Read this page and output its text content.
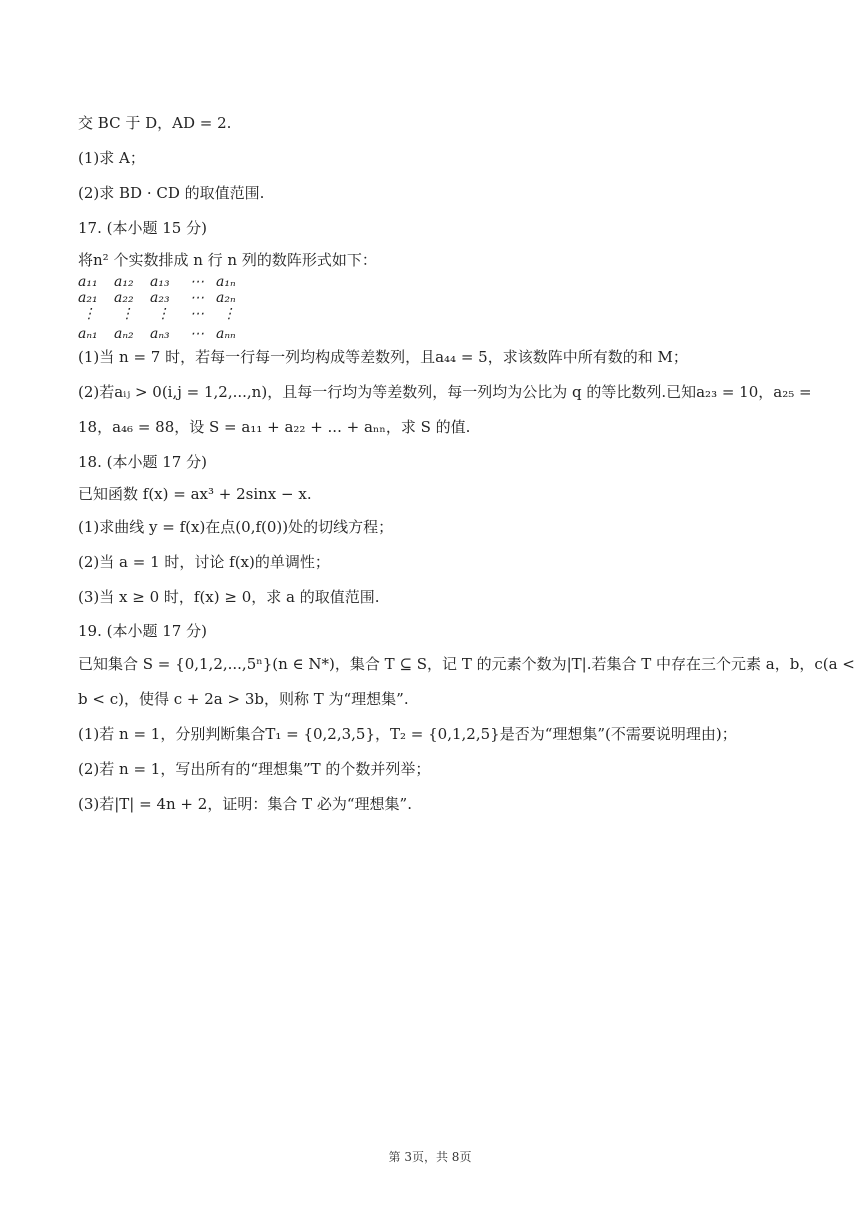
交 BC 于 D，AD = 2.
(1)求 A；
(2)求 BD · CD 的取值范围.
17. (本小题 15 分)
将n² 个实数排成 n 行 n 列的数阵形式如下：
a₁₁ a₁₂ a₁₃ ⋯ a₁ₙ
a₂₁ a₂₂ a₂₃ ⋯ a₂ₙ
⋮ ⋮ ⋮ ⋯ ⋮
aₙ₁ aₙ₂ aₙ₃ ⋯ aₙₙ
(1)当 n = 7 时，若每一行每一列均构成等差数列，且a₄₄ = 5，求该数阵中所有数的和 M；
(2)若aᵢⱼ > 0(i,j = 1,2,...,n)，且每一行均为等差数列，每一列均为公比为 q 的等比数列.已知a₂₃ = 10，a₂₅ =
18，a₄₆ = 88，设 S = a₁₁ + a₂₂ + ... + aₙₙ，求 S 的值.
18. (本小题 17 分)
已知函数 f(x) = ax³ + 2sinx − x.
(1)求曲线 y = f(x)在点(0,f(0))处的切线方程；
(2)当 a = 1 时，讨论 f(x)的单调性；
(3)当 x ≥ 0 时，f(x) ≥ 0，求 a 的取值范围.
19. (本小题 17 分)
已知集合 S = {0,1,2,...,5ⁿ}(n ∈ N*)，集合 T ⊆ S，记 T 的元素个数为|T|.若集合 T 中存在三个元素 a，b，c(a <
b < c)，使得 c + 2a > 3b，则称 T 为“理想集”.
(1)若 n = 1，分别判断集合T₁ = {0,2,3,5}，T₂ = {0,1,2,5}是否为“理想集”(不需要说明理由)；
(2)若 n = 1，写出所有的“理想集”T 的个数并列举；
(3)若|T| = 4n + 2，证明：集合 T 必为“理想集”.
第 3页，共 8页
